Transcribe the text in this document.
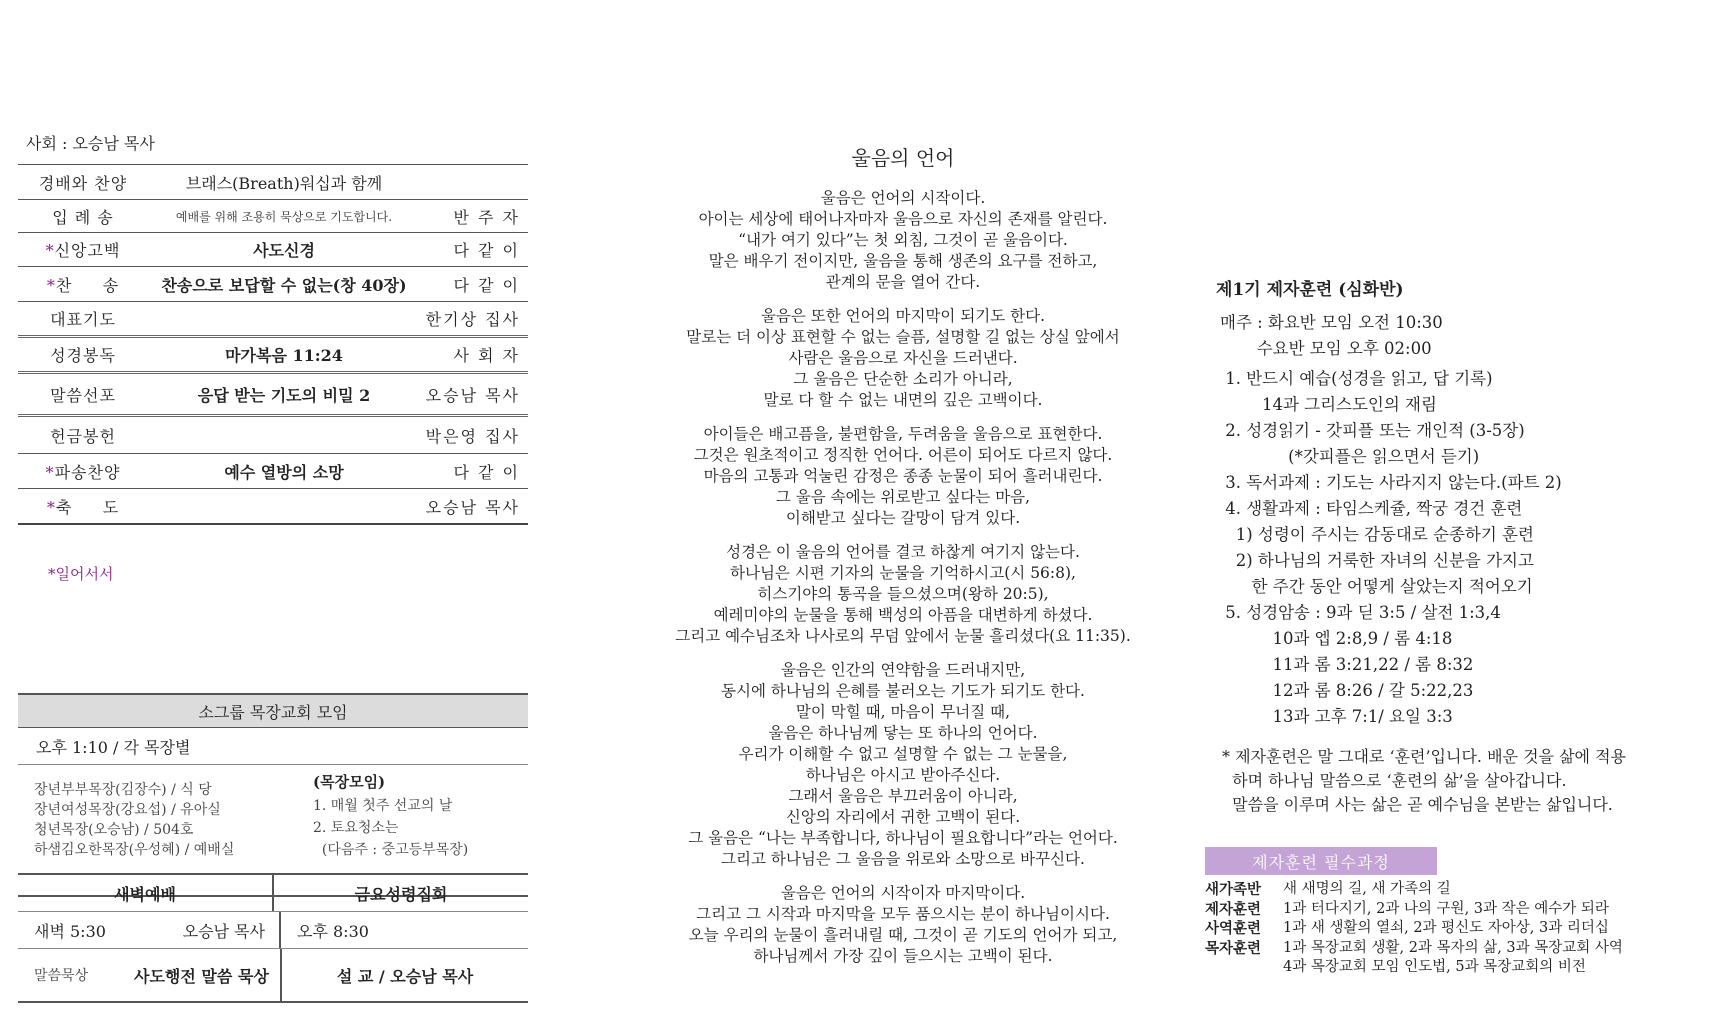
사회 : 오승남 목사
경배와 찬양	브래스(Breath)워십과 함께
입 례 송	예배를 위해 조용히 묵상으로 기도합니다.	반 주 자
*신앙고백	사도신경	다 같 이
*찬     송	찬송으로 보답할 수 없는(창 40장)	다 같 이
대표기도	한기상 집사
성경봉독	마가복음 11:24	사 회 자
말씀선포	응답 받는 기도의 비밀 2	오승남 목사
헌금봉헌	박은영 집사
*파송찬양	예수 열방의 소망	다 같 이
*축     도	오승남 목사
*일어서서
소그룹 목장교회 모임
오후 1:10 / 각 목장별
장년부부목장(김장수) / 식 당
장년여성목장(강요섭) / 유아실
청년목장(오승남) / 504호
하샘김오한목장(우성혜) / 예배실
(목장모임)
1. 매월 첫주 선교의 날
2. 토요청소는
(다음주 : 중고등부목장)
새벽예배	금요성령집회
새벽 5:30	오승남 목사	오후 8:30
말씀묵상	사도행전 말씀 묵상	설 교 / 오승남 목사
울음의 언어
울음은 언어의 시작이다.
아이는 세상에 태어나자마자 울음으로 자신의 존재를 알린다.
“내가 여기 있다”는 첫 외침, 그것이 곧 울음이다.
말은 배우기 전이지만, 울음을 통해 생존의 요구를 전하고,
관계의 문을 열어 간다.
울음은 또한 언어의 마지막이 되기도 한다.
말로는 더 이상 표현할 수 없는 슬픔, 설명할 길 없는 상실 앞에서
사람은 울음으로 자신을 드러낸다.
그 울음은 단순한 소리가 아니라,
말로 다 할 수 없는 내면의 깊은 고백이다.
아이들은 배고픔을, 불편함을, 두려움을 울음으로 표현한다.
그것은 원초적이고 정직한 언어다. 어른이 되어도 다르지 않다.
마음의 고통과 억눌린 감정은 종종 눈물이 되어 흘러내린다.
그 울음 속에는 위로받고 싶다는 마음,
이해받고 싶다는 갈망이 담겨 있다.
성경은 이 울음의 언어를 결코 하찮게 여기지 않는다.
하나님은 시편 기자의 눈물을 기억하시고(시 56:8),
히스기야의 통곡을 들으셨으며(왕하 20:5),
예레미야의 눈물을 통해 백성의 아픔을 대변하게 하셨다.
그리고 예수님조차 나사로의 무덤 앞에서 눈물 흘리셨다(요 11:35).
울음은 인간의 연약함을 드러내지만,
동시에 하나님의 은혜를 불러오는 기도가 되기도 한다.
말이 막힐 때, 마음이 무너질 때,
울음은 하나님께 닿는 또 하나의 언어다.
우리가 이해할 수 없고 설명할 수 없는 그 눈물을,
하나님은 아시고 받아주신다.
그래서 울음은 부끄러움이 아니라,
신앙의 자리에서 귀한 고백이 된다.
그 울음은 “나는 부족합니다, 하나님이 필요합니다”라는 언어다.
그리고 하나님은 그 울음을 위로와 소망으로 바꾸신다.
울음은 언어의 시작이자 마지막이다.
그리고 그 시작과 마지막을 모두 품으시는 분이 하나님이시다.
오늘 우리의 눈물이 흘러내릴 때, 그것이 곧 기도의 언어가 되고,
하나님께서 가장 깊이 들으시는 고백이 된다.
제1기 제자훈련 (심화반)
매주 : 화요반 모임 오전 10:30
수요반 모임 오후 02:00
1. 반드시 예습(성경을 읽고, 답 기록)
14과 그리스도인의 재림
2. 성경읽기 - 갓피플 또는 개인적 (3-5장)
(*갓피플은 읽으면서 듣기)
3. 독서과제 : 기도는 사라지지 않는다.(파트 2)
4. 생활과제 : 타임스케쥴, 짝궁 경건 훈련
1) 성령이 주시는 감동대로 순종하기 훈련
2) 하나님의 거룩한 자녀의 신분을 가지고
한 주간 동안 어떻게 살았는지 적어오기
5. 성경암송 : 9과 딛 3:5 / 살전 1:3,4
10과 엡 2:8,9 / 롬 4:18
11과 롬 3:21,22 / 롬 8:32
12과 롬 8:26 / 갈 5:22,23
13과 고후 7:1/ 요일 3:3
* 제자훈련은 말 그대로 ‘훈련’입니다. 배운 것을 삶에 적용
하며 하나님 말씀으로 ‘훈련의 삶’을 살아갑니다.
말씀을 이루며 사는 삶은 곧 예수님을 본받는 삶입니다.
제자훈련 필수과정
새가족반	새 새명의 길, 새 가족의 길
제자훈련	1과 터다지기, 2과 나의 구원, 3과 작은 예수가 되라
사역훈련	1과 새 생활의 열쇠, 2과 평신도 자아상, 3과 리더십
목자훈련	1과 목장교회 생활, 2과 목자의 삶, 3과 목장교회 사역
4과 목장교회 모임 인도법, 5과 목장교회의 비전
